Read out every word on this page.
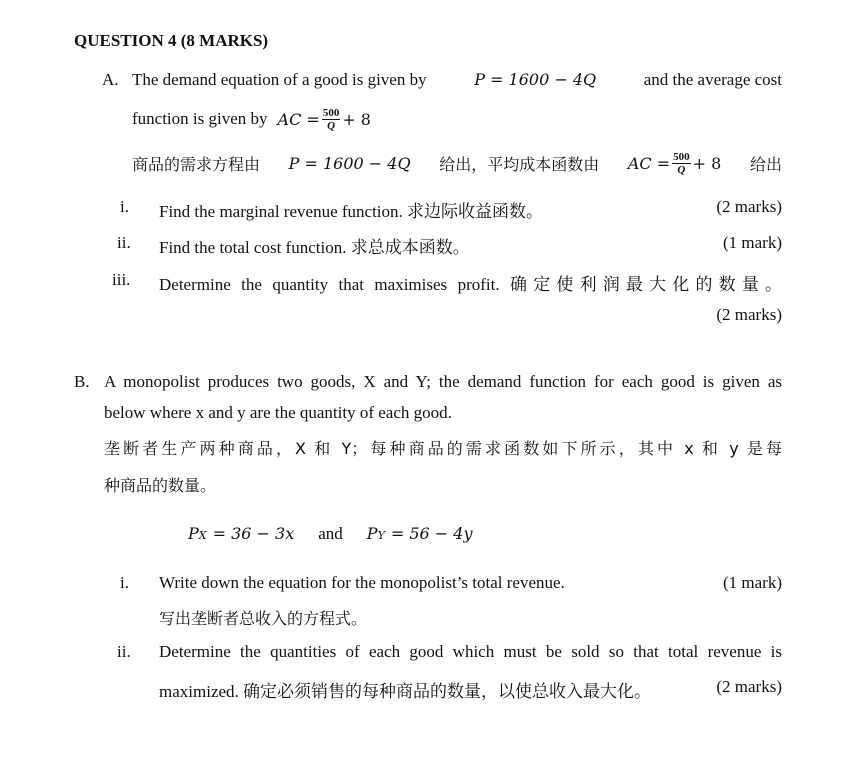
QUESTION 4 (8 MARKS)
A. The demand equation of a good is given by	P = 1600 − 4Q	and the average cost
function is given by AC = $\frac{500}{Q} + 8$
商品的需求方程由 P = 1600 − 4Q 给出，平均成本函数由 AC = $\frac{500}{Q} + 8$ 给出
i. Find the marginal revenue function. 求边际收益函数。	(2 marks)
ii. Find the total cost function. 求总成本函数。	(1 mark)
iii. Determine the quantity that maximises profit. 确定使利润最大化的数量。
(2 marks)
B. A monopolist produces two goods, X and Y; the demand function for each good is given as
below where x and y are the quantity of each good.
垄断者生产两种商品，X 和 Y；每种商品的需求函数如下所示，其中 x 和 y 是每
种商品的数量。
P X = 36 − 3x and P Y = 56 − 4y
i. Write down the equation for the monopolist’s total revenue.	(1 mark)
写出垄断者总收入的方程式。
ii. Determine the quantities of each good which must be sold so that total revenue is
maximized. 确定必须销售的每种商品的数量，以使总收入最大化。	(2 marks)
